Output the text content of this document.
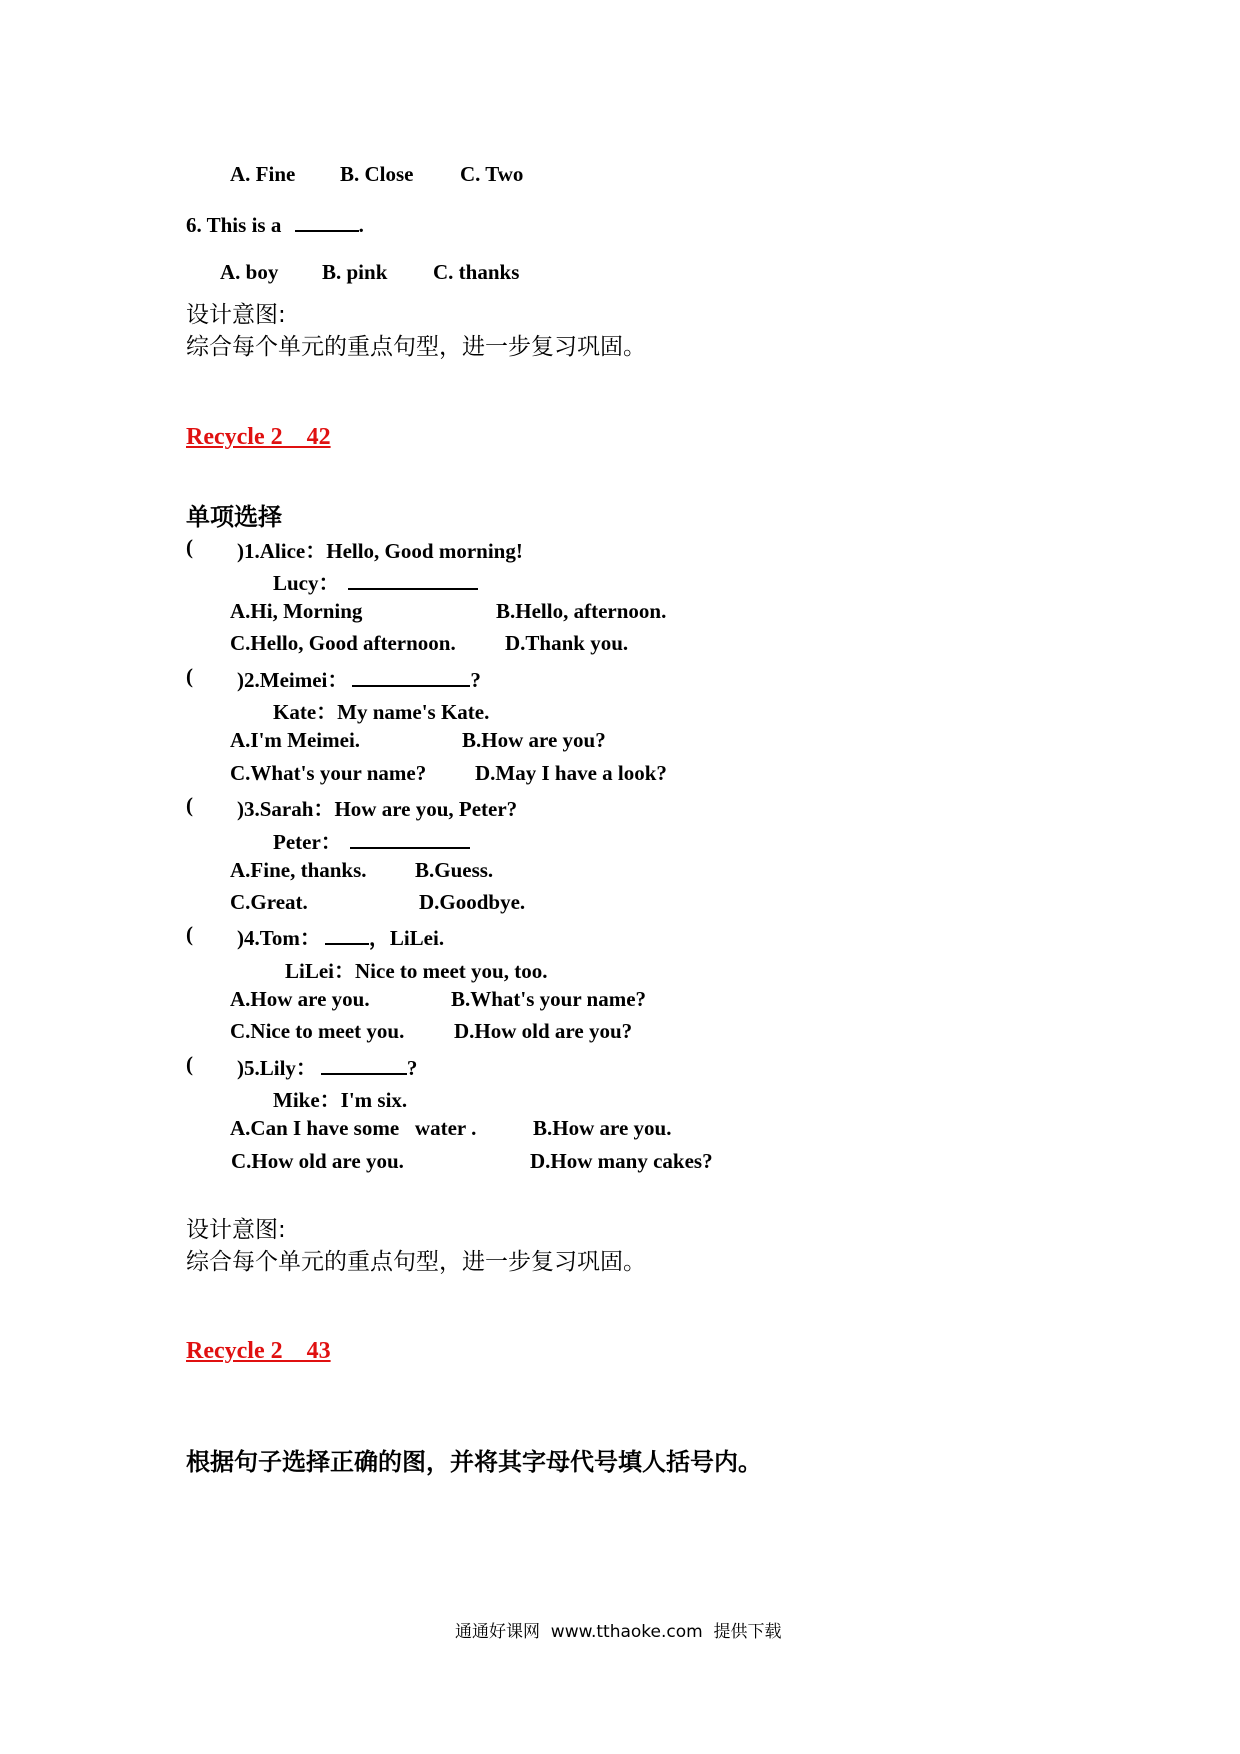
A. Fine B. Close C. Two
6. This is a	.
A. boy B. pink C. thanks
设计意图:
综合每个单元的重点句型，进一步复习巩固。
Recycle 2    42
单项选择
( )1.Alice：Hello, Good morning!
Lucy：
A.Hi, Morning	B.Hello, afternoon.
C.Hello, Good afternoon. D.Thank you.
( )2.Meimei：	?
Kate：My name's Kate.
A.I'm Meimei.	B.How are you?
C.What's your name? D.May I have a look?
( )3.Sarah：How are you, Peter?
Peter：
A.Fine, thanks. B.Guess.
C.Great.	D.Goodbye.
( )4.Tom： ，LiLei.
LiLei：Nice to meet you, too.
A.How are you.	B.What's your name?
C.Nice to meet you. D.How old are you?
( )5.Lily：	?
Mike：I'm six.
A.Can I have some   water .	B.How are you.
C.How old are you.	D.How many cakes?
设计意图:
综合每个单元的重点句型，进一步复习巩固。
Recycle 2    43
根据句子选择正确的图，并将其字母代号填人括号内。
通通好课网  www.tthaoke.com  提供下载
